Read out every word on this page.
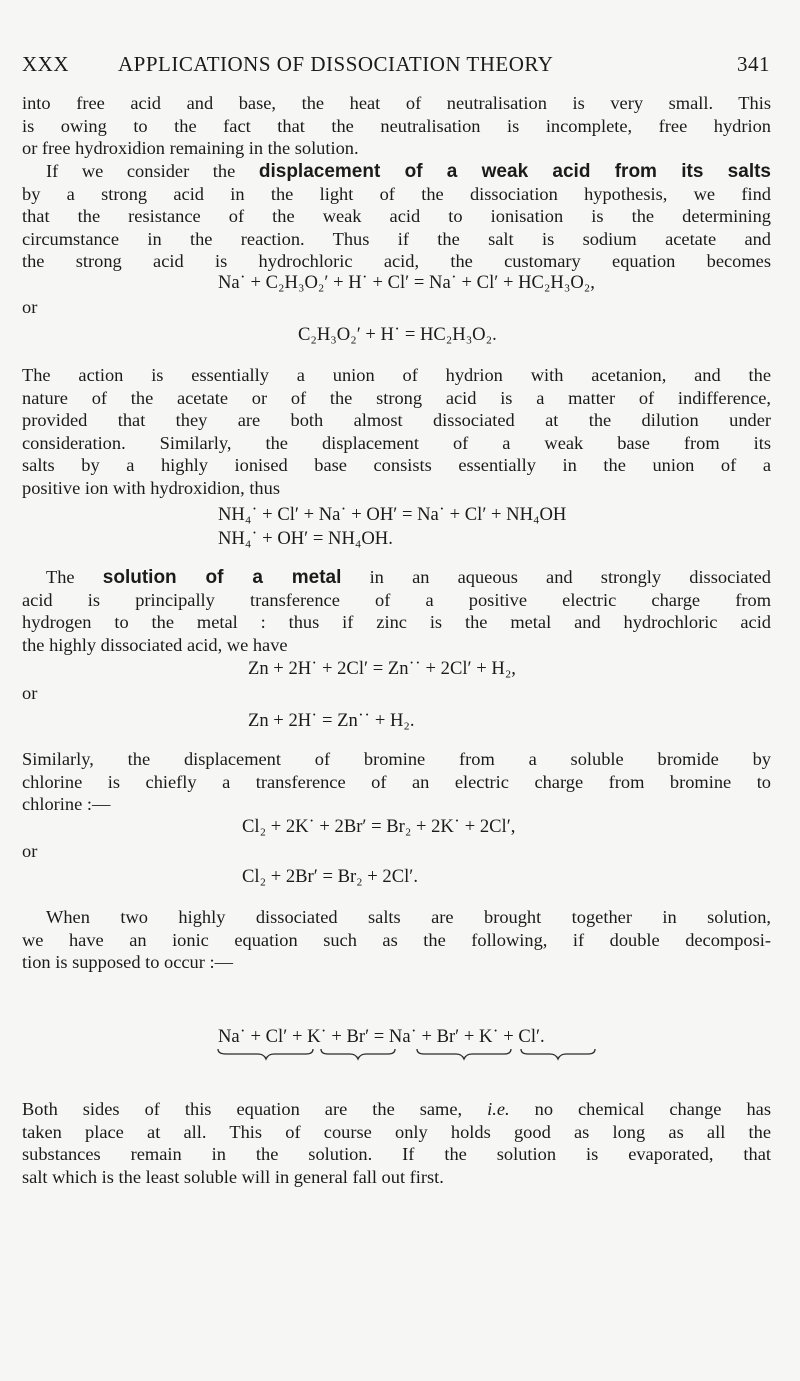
XXX APPLICATIONS OF DISSOCIATION THEORY	341

into free acid and base, the heat of neutralisation is very small. This
is owing to the fact that the neutralisation is incomplete, free hydrion
or free hydroxidion remaining in the solution.

If we consider the displacement of a weak acid from its salts
by a strong acid in the light of the dissociation hypothesis, we find
that the resistance of the weak acid to ionisation is the determining
circumstance in the reaction. Thus if the salt is sodium acetate and
the strong acid is hydrochloric acid, the customary equation becomes

Na˙ + C₂H₃O₂′ + H˙ + Cl′ = Na˙ + Cl′ + HC₂H₃O₂,
or
C₂H₃O₂′ + H˙ = HC₂H₃O₂.

The action is essentially a union of hydrion with acetanion, and the
nature of the acetate or of the strong acid is a matter of indifference,
provided that they are both almost dissociated at the dilution under
consideration. Similarly, the displacement of a weak base from its
salts by a highly ionised base consists essentially in the union of a
positive ion with hydroxidion, thus

NH₄˙ + Cl′ + Na˙ + OH′ = Na˙ + Cl′ + NH₄OH
NH₄˙ + OH′ = NH₄OH.

The solution of a metal in an aqueous and strongly dissociated
acid is principally transference of a positive electric charge from
hydrogen to the metal : thus if zinc is the metal and hydrochloric acid
the highly dissociated acid, we have

Zn + 2H˙ + 2Cl′ = Zn˙˙ + 2Cl′ + H₂,
or
Zn + 2H˙ = Zn˙˙ + H₂.

Similarly, the displacement of bromine from a soluble bromide by
chlorine is chiefly a transference of an electric charge from bromine to
chlorine :—

Cl₂ + 2K˙ + 2Br′ = Br₂ + 2K˙ + 2Cl′,
or
Cl₂ + 2Br′ = Br₂ + 2Cl′.

When two highly dissociated salts are brought together in solution,
we have an ionic equation such as the following, if double decomposi-
tion is supposed to occur :—

Na˙ + Cl′ + K˙ + Br′ = Na˙ + Br′ + K˙ + Cl′.

Both sides of this equation are the same, i.e. no chemical change has
taken place at all. This of course only holds good as long as all the
substances remain in the solution. If the solution is evaporated, that
salt which is the least soluble will in general fall out first.
